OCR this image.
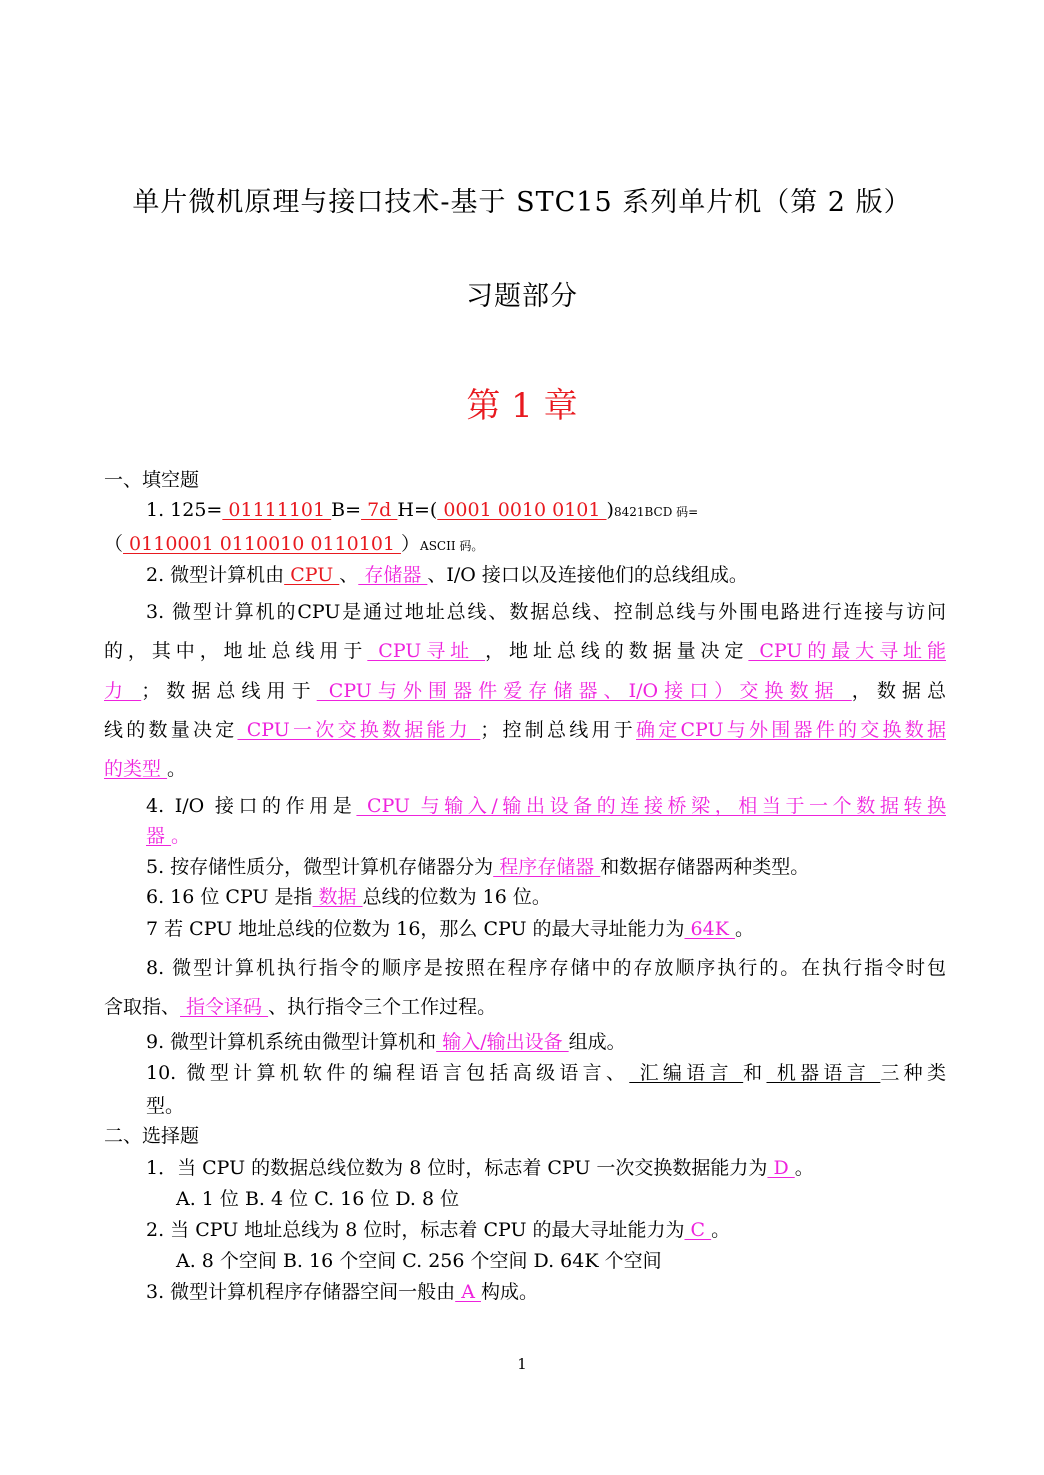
单片微机原理与接口技术-基于 STC15 系列单片机（第 2 版）
习题部分
第 1 章
一、填空题
1. 125= 01111101 B= 7d H=( 0001 0010 0101 )8421BCD 码=
（ 0110001 0110010 0110101 ）ASCII 码。
2. 微型计算机由 CPU 、 存储器 、I/O 接口以及连接他们的总线组成。
3. 微型计算机的CPU是通过地址总线、数据总线、控制总线与外围电路进行连接与访问
的，其中，地址总线用于 CPU寻址 ，地址总线的数据量决定 CPU的最大寻址能
力 ；数据总线用于 CPU与外围器件爱存储器、I/O接口）交换数据 ，数据总
线的数量决定 CPU一次交换数据能力 ；控制总线用于确定CPU与外围器件的交换数据
的类型 。
4. I/O 接口的作用是 CPU 与输入/输出设备的连接桥梁，相当于一个数据转换
器 。
5. 按存储性质分，微型计算机存储器分为 程序存储器 和数据存储器两种类型。
6. 16 位 CPU 是指 数据 总线的位数为 16 位。
7 若 CPU 地址总线的位数为 16，那么 CPU 的最大寻址能力为 64K 。
8. 微型计算机执行指令的顺序是按照在程序存储中的存放顺序执行的。在执行指令时包
含取指、 指令译码 、执行指令三个工作过程。
9. 微型计算机系统由微型计算机和 输入/输出设备 组成。
10. 微型计算机软件的编程语言包括高级语言、 汇编语言 和 机器语言 三种类
型。
二、选择题
1．当 CPU 的数据总线位数为 8 位时，标志着 CPU 一次交换数据能力为 D 。
A. 1 位 B. 4 位 C. 16 位 D. 8 位
2. 当 CPU 地址总线为 8 位时，标志着 CPU 的最大寻址能力为 C 。
A. 8 个空间 B. 16 个空间 C. 256 个空间 D. 64K 个空间
3. 微型计算机程序存储器空间一般由 A 构成。
1
